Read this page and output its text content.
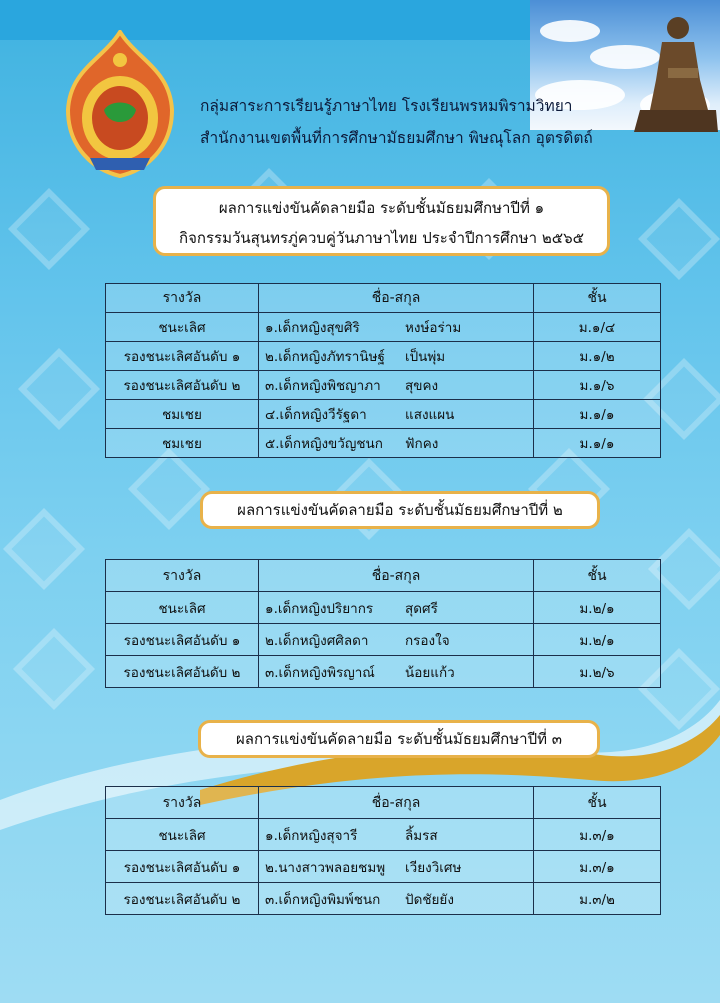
กลุ่มสาระการเรียนรู้ภาษาไทย โรงเรียนพรหมพิรามวิทยา
สำนักงานเขตพื้นที่การศึกษามัธยมศึกษา พิษณุโลก อุตรดิตถ์
ผลการแข่งขันคัดลายมือ ระดับชั้นมัธยมศึกษาปีที่ ๑
กิจกรรมวันสุนทรภู่ควบคู่วันภาษาไทย ประจำปีการศึกษา ๒๕๖๕
รางวัล	ชื่อ-สกุล	ชั้น
ชนะเลิศ	๑.เด็กหญิงสุขศิริ หงษ์อร่าม	ม.๑/๔
รองชนะเลิศอันดับ ๑	๒.เด็กหญิงภัทรานิษฐ์ เป็นพุ่ม	ม.๑/๒
รองชนะเลิศอันดับ ๒	๓.เด็กหญิงพิชญาภา สุขคง	ม.๑/๖
ชมเชย	๔.เด็กหญิงวีรัฐดา แสงแผน	ม.๑/๑
ชมเชย	๕.เด็กหญิงขวัญชนก ฟักคง	ม.๑/๑
ผลการแข่งขันคัดลายมือ ระดับชั้นมัธยมศึกษาปีที่ ๒
รางวัล	ชื่อ-สกุล	ชั้น
ชนะเลิศ	๑.เด็กหญิงปริยากร สุดศรี	ม.๒/๑
รองชนะเลิศอันดับ ๑	๒.เด็กหญิงศศิลดา กรองใจ	ม.๒/๑
รองชนะเลิศอันดับ ๒	๓.เด็กหญิงพิรญาณ์ น้อยแก้ว	ม.๒/๖
ผลการแข่งขันคัดลายมือ ระดับชั้นมัธยมศึกษาปีที่ ๓
รางวัล	ชื่อ-สกุล	ชั้น
ชนะเลิศ	๑.เด็กหญิงสุจารี ลิ้มรส	ม.๓/๑
รองชนะเลิศอันดับ ๑	๒.นางสาวพลอยชมพู เวียงวิเศษ	ม.๓/๑
รองชนะเลิศอันดับ ๒	๓.เด็กหญิงพิมพ์ชนก ปัดชัยยัง	ม.๓/๒
